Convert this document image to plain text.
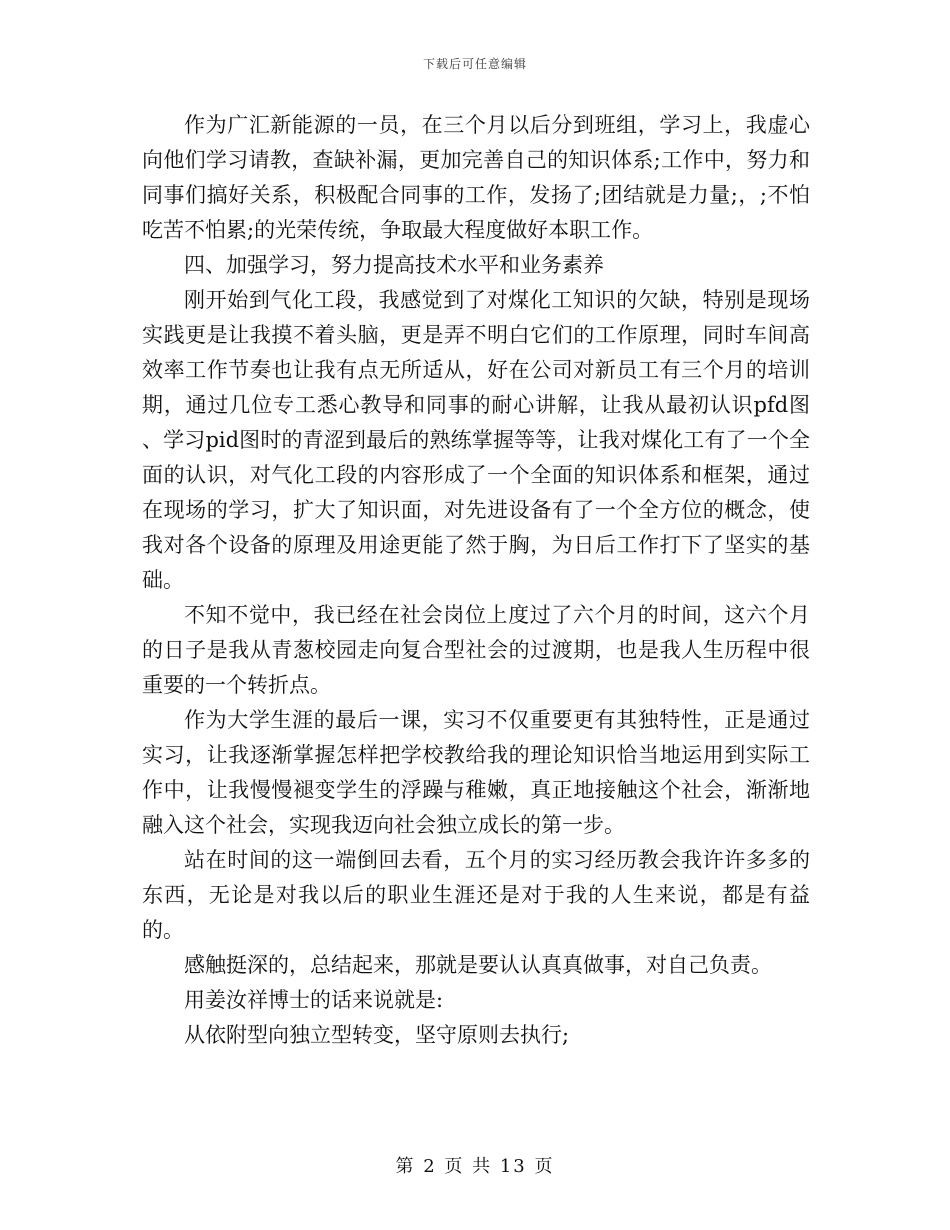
下载后可任意编辑

作为广汇新能源的一员，在三个月以后分到班组，学习上，我虚心向他们学习请教，查缺补漏，更加完善自己的知识体系;工作中，努力和同事们搞好关系，积极配合同事的工作，发扬了;团结就是力量;，;不怕吃苦不怕累;的光荣传统，争取最大程度做好本职工作。

四、加强学习，努力提高技术水平和业务素养

刚开始到气化工段，我感觉到了对煤化工知识的欠缺，特别是现场实践更是让我摸不着头脑，更是弄不明白它们的工作原理，同时车间高效率工作节奏也让我有点无所适从，好在公司对新员工有三个月的培训期，通过几位专工悉心教导和同事的耐心讲解，让我从最初认识pfd图 、学习pid图时的青涩到最后的熟练掌握等等，让我对煤化工有了一个全面的认识，对气化工段的内容形成了一个全面的知识体系和框架，通过在现场的学习，扩大了知识面，对先进设备有了一个全方位的概念，使我对各个设备的原理及用途更能了然于胸，为日后工作打下了坚实的基础。

不知不觉中，我已经在社会岗位上度过了六个月的时间，这六个月的日子是我从青葱校园走向复合型社会的过渡期，也是我人生历程中很重要的一个转折点。

作为大学生涯的最后一课，实习不仅重要更有其独特性，正是通过实习，让我逐渐掌握怎样把学校教给我的理论知识恰当地运用到实际工作中，让我慢慢褪变学生的浮躁与稚嫩，真正地接触这个社会，渐渐地融入这个社会，实现我迈向社会独立成长的第一步。

站在时间的这一端倒回去看，五个月的实习经历教会我许许多多的东西，无论是对我以后的职业生涯还是对于我的人生来说，都是有益的。

感触挺深的，总结起来，那就是要认认真真做事，对自己负责。

用姜汝祥博士的话来说就是:

从依附型向独立型转变，坚守原则去执行;

第 2 页 共 13 页
